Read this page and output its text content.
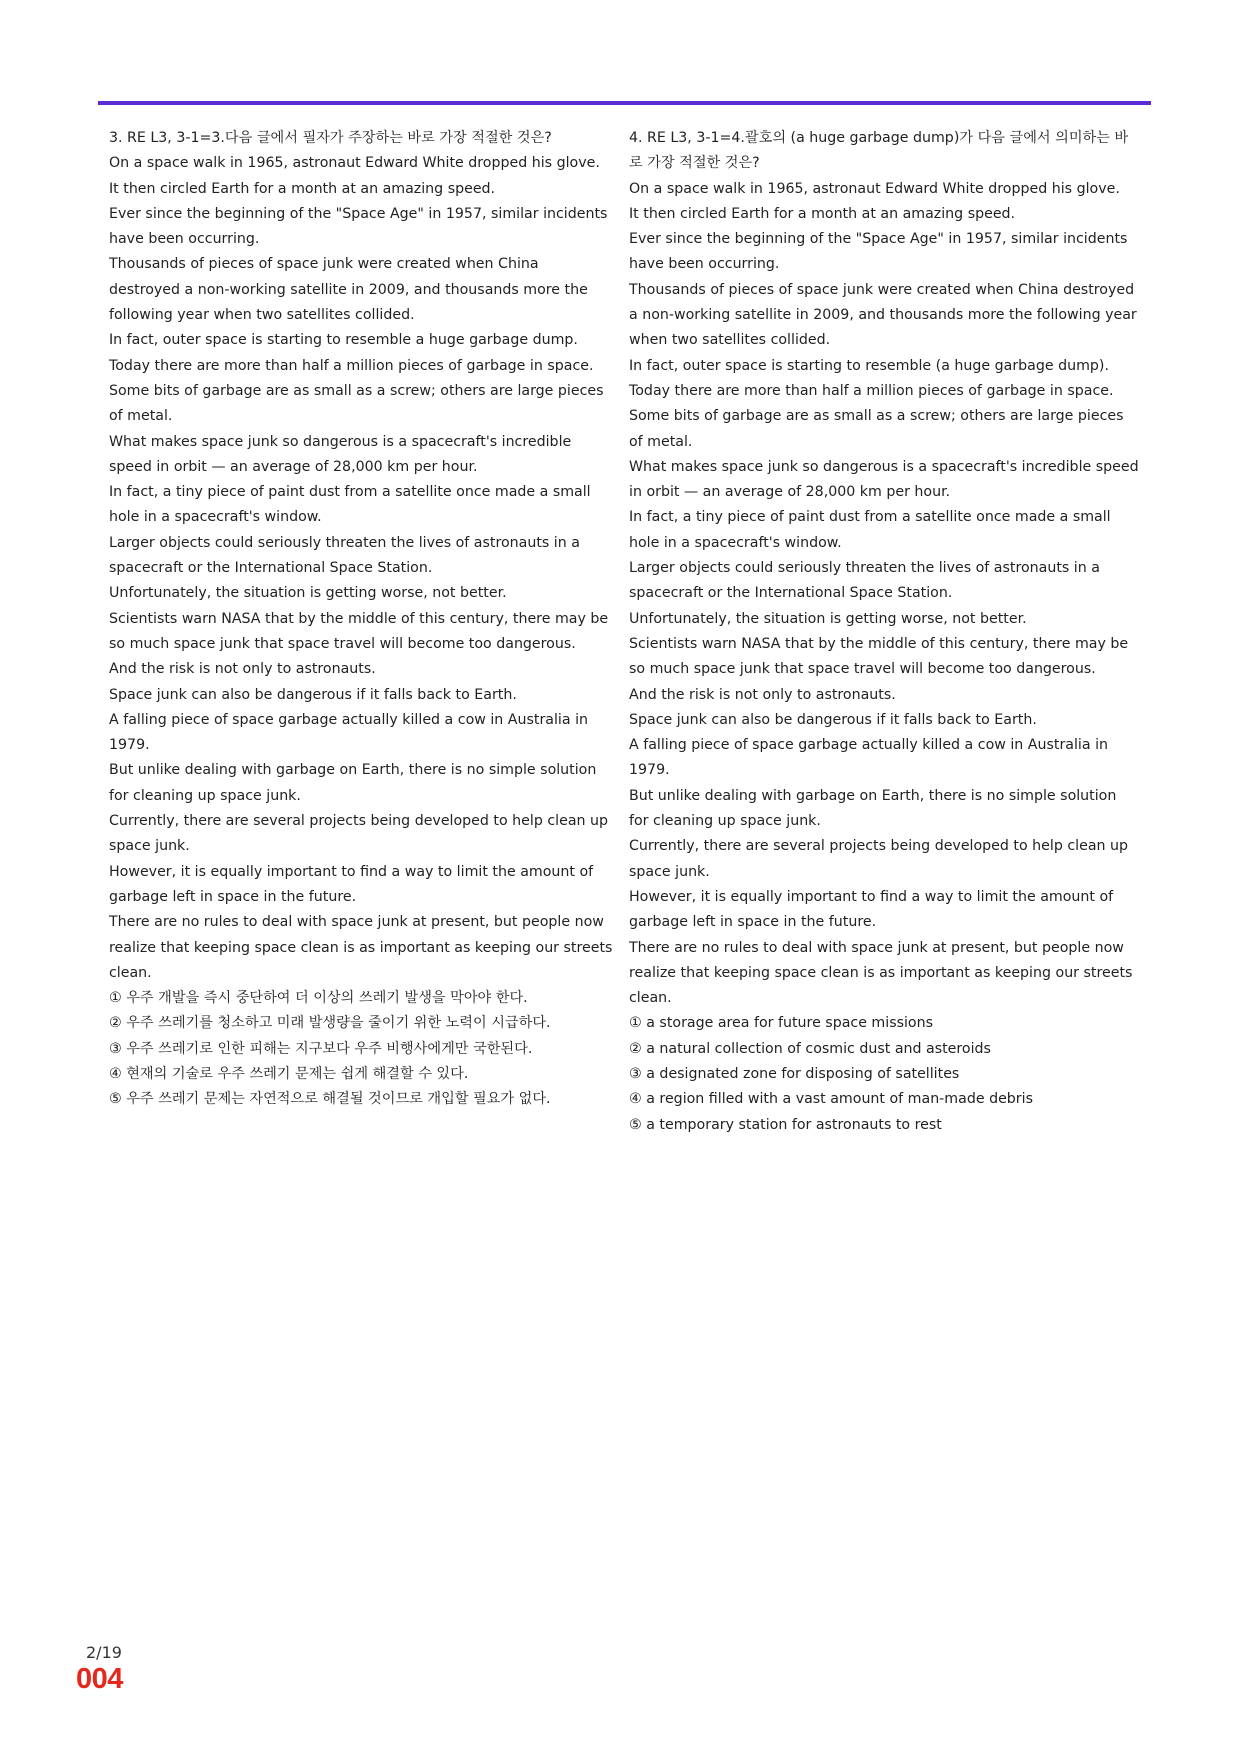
3. RE L3, 3-1=3.다음 글에서 필자가 주장하는 바로 가장 적절한 것은?

On a space walk in 1965, astronaut Edward White dropped his glove.

It then circled Earth for a month at an amazing speed.

Ever since the beginning of the "Space Age" in 1957, similar incidents have been occurring.

Thousands of pieces of space junk were created when China destroyed a non-working satellite in 2009, and thousands more the following year when two satellites collided.

In fact, outer space is starting to resemble a huge garbage dump.

Today there are more than half a million pieces of garbage in space.

Some bits of garbage are as small as a screw; others are large pieces of metal.

What makes space junk so dangerous is a spacecraft's incredible speed in orbit — an average of 28,000 km per hour.

In fact, a tiny piece of paint dust from a satellite once made a small hole in a spacecraft's window.

Larger objects could seriously threaten the lives of astronauts in a spacecraft or the International Space Station.

Unfortunately, the situation is getting worse, not better.

Scientists warn NASA that by the middle of this century, there may be so much space junk that space travel will become too dangerous.

And the risk is not only to astronauts.

Space junk can also be dangerous if it falls back to Earth.

A falling piece of space garbage actually killed a cow in Australia in 1979.

But unlike dealing with garbage on Earth, there is no simple solution for cleaning up space junk.

Currently, there are several projects being developed to help clean up space junk.

However, it is equally important to find a way to limit the amount of garbage left in space in the future.

There are no rules to deal with space junk at present, but people now realize that keeping space clean is as important as keeping our streets clean.

① 우주 개발을 즉시 중단하여 더 이상의 쓰레기 발생을 막아야 한다.

② 우주 쓰레기를 청소하고 미래 발생량을 줄이기 위한 노력이 시급하다.

③ 우주 쓰레기로 인한 피해는 지구보다 우주 비행사에게만 국한된다.

④ 현재의 기술로 우주 쓰레기 문제는 쉽게 해결할 수 있다.

⑤ 우주 쓰레기 문제는 자연적으로 해결될 것이므로 개입할 필요가 없다.

4. RE L3, 3-1=4.괄호의 (a huge garbage dump)가 다음 글에서 의미하는 바로 가장 적절한 것은?

On a space walk in 1965, astronaut Edward White dropped his glove.

It then circled Earth for a month at an amazing speed.

Ever since the beginning of the "Space Age" in 1957, similar incidents have been occurring.

Thousands of pieces of space junk were created when China destroyed a non-working satellite in 2009, and thousands more the following year when two satellites collided.

In fact, outer space is starting to resemble (a huge garbage dump).

Today there are more than half a million pieces of garbage in space.

Some bits of garbage are as small as a screw; others are large pieces of metal.

What makes space junk so dangerous is a spacecraft's incredible speed in orbit — an average of 28,000 km per hour.

In fact, a tiny piece of paint dust from a satellite once made a small hole in a spacecraft's window.

Larger objects could seriously threaten the lives of astronauts in a spacecraft or the International Space Station.

Unfortunately, the situation is getting worse, not better.

Scientists warn NASA that by the middle of this century, there may be so much space junk that space travel will become too dangerous.

And the risk is not only to astronauts.

Space junk can also be dangerous if it falls back to Earth.

A falling piece of space garbage actually killed a cow in Australia in 1979.

But unlike dealing with garbage on Earth, there is no simple solution for cleaning up space junk.

Currently, there are several projects being developed to help clean up space junk.

However, it is equally important to find a way to limit the amount of garbage left in space in the future.

There are no rules to deal with space junk at present, but people now realize that keeping space clean is as important as keeping our streets clean.

① a storage area for future space missions

② a natural collection of cosmic dust and asteroids

③ a designated zone for disposing of satellites

④ a region filled with a vast amount of man-made debris

⑤ a temporary station for astronauts to rest

2/19
004
